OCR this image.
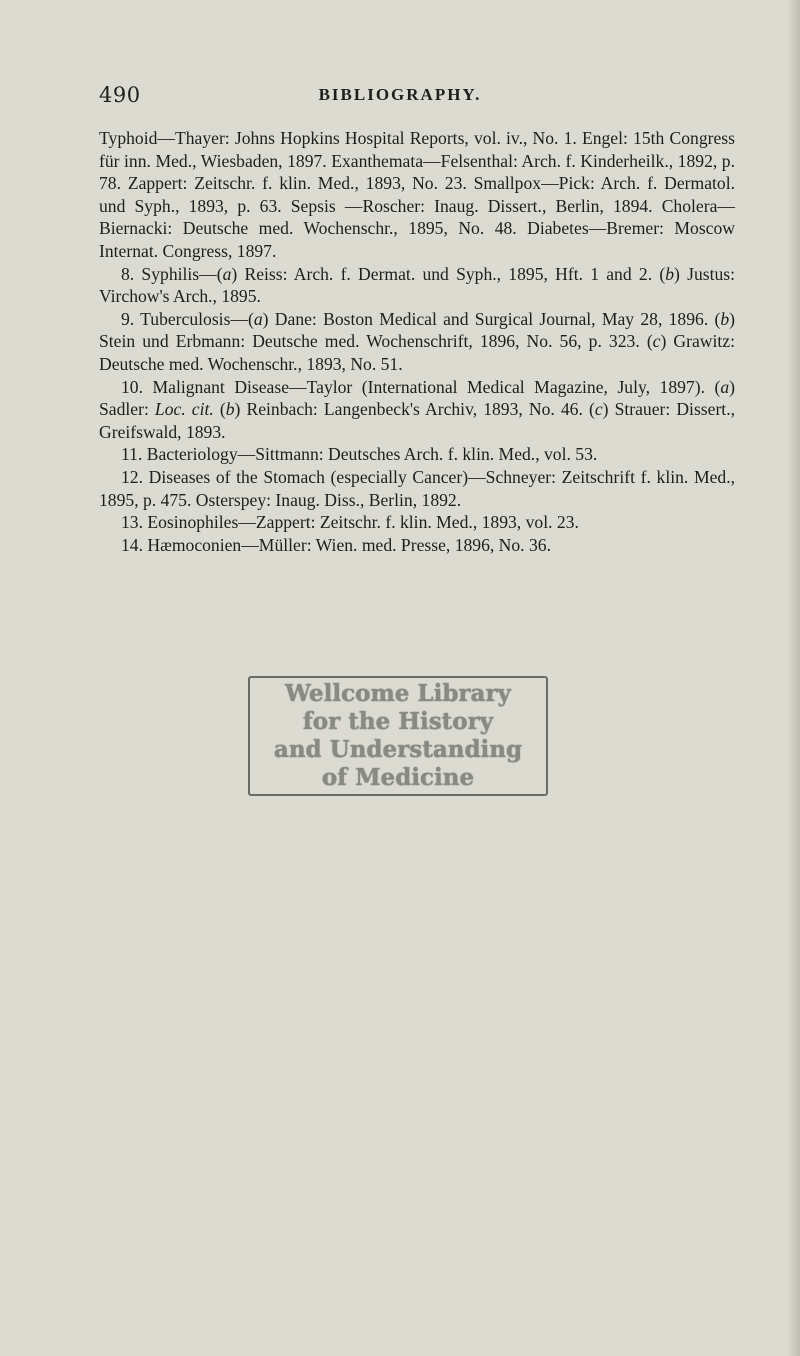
490	BIBLIOGRAPHY.

Typhoid—Thayer: Johns Hopkins Hospital Reports, vol. iv., No. 1. Engel: 15th Congress für inn. Med., Wiesbaden, 1897. Exanthemata—Felsenthal: Arch. f. Kinderheilk., 1892, p. 78. Zappert: Zeitschr. f. klin. Med., 1893, No. 23. Smallpox—Pick: Arch. f. Dermatol. und Syph., 1893, p. 63. Sepsis —Roscher: Inaug. Dissert., Berlin, 1894. Cholera—Biernacki: Deutsche med. Wochenschr., 1895, No. 48. Diabetes—Bremer: Moscow Internat. Congress, 1897.

8. Syphilis—(a) Reiss: Arch. f. Dermat. und Syph., 1895, Hft. 1 and 2. (b) Justus: Virchow's Arch., 1895.

9. Tuberculosis—(a) Dane: Boston Medical and Surgical Journal, May 28, 1896. (b) Stein und Erbmann: Deutsche med. Wochenschrift, 1896, No. 56, p. 323. (c) Grawitz: Deutsche med. Wochenschr., 1893, No. 51.

10. Malignant Disease—Taylor (International Medical Magazine, July, 1897). (a) Sadler: Loc. cit. (b) Reinbach: Langenbeck's Archiv, 1893, No. 46. (c) Strauer: Dissert., Greifswald, 1893.

11. Bacteriology—Sittmann: Deutsches Arch. f. klin. Med., vol. 53.

12. Diseases of the Stomach (especially Cancer)—Schneyer: Zeitschrift f. klin. Med., 1895, p. 475. Osterspey: Inaug. Diss., Berlin, 1892.

13. Eosinophiles—Zappert: Zeitschr. f. klin. Med., 1893, vol. 23.

14. Hæmoconien—Müller: Wien. med. Presse, 1896, No. 36.

Wellcome Library
for the History
and Understanding
of Medicine
